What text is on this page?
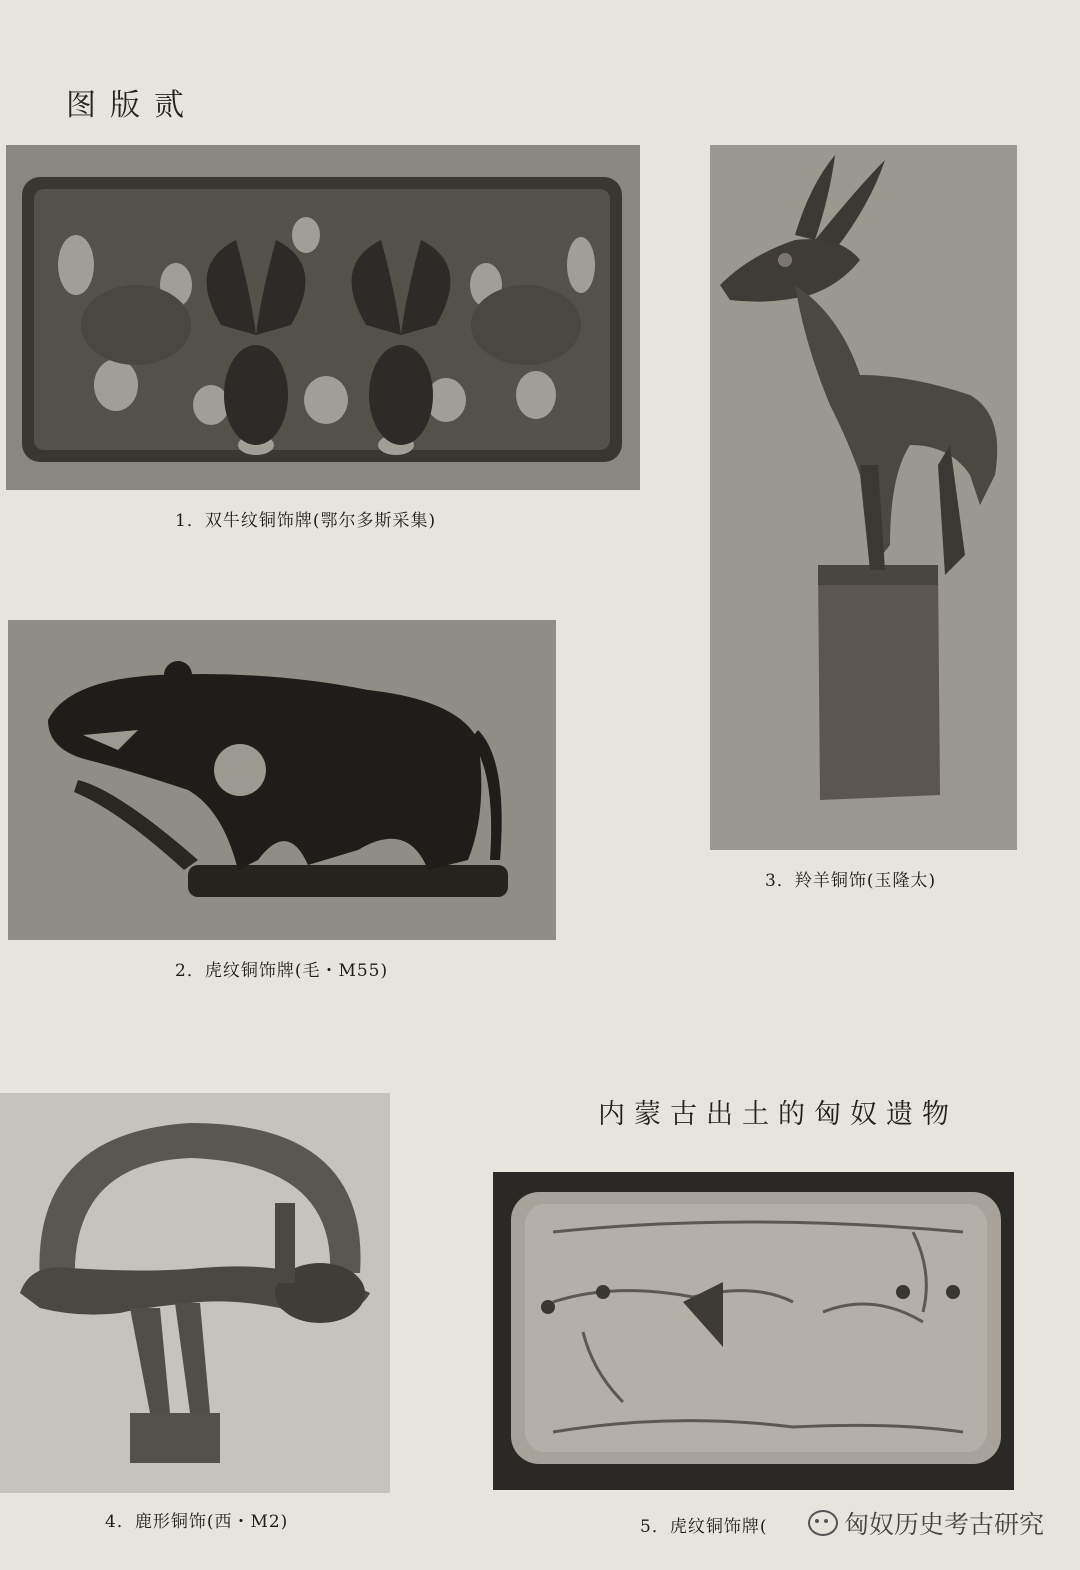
图版贰
1．双牛纹铜饰牌(鄂尔多斯采集)
2．虎纹铜饰牌(毛・M55)
3．羚羊铜饰(玉隆太)
4．鹿形铜饰(西・M2)
内蒙古出土的匈奴遗物
5．虎纹铜饰牌(	匈奴历史考古研究
